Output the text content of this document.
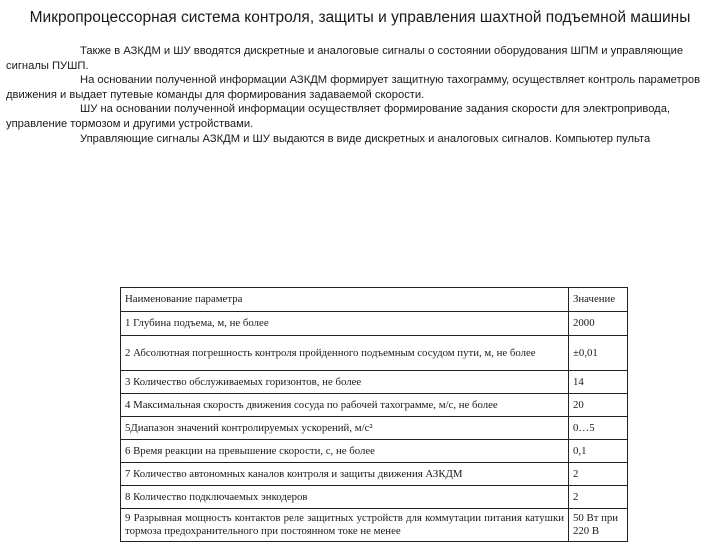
Микропроцессорная система контроля, защиты и управления шахтной подъемной машины

Также в АЗКДМ и ШУ вводятся дискретные и аналоговые сигналы о состоянии оборудования ШПМ и управляющие сигналы ПУШП.

На основании полученной информации АЗКДМ формирует защитную тахограмму, осуществляет контроль параметров движения и выдает путевые команды для формирования задаваемой скорости.

ШУ на основании полученной информации осуществляет формирование задания скорости для электропривода, управление тормозом и другими устройствами.

Управляющие сигналы АЗКДМ и ШУ выдаются в виде дискретных и аналоговых сигналов. Компьютер пульта

Наименование параметра	Значение
1 Глубина подъема, м, не более	2000
2 Абсолютная погрешность контроля пройденного подъемным сосудом пути, м, не более	±0,01
3 Количество обслуживаемых горизонтов, не более	14
4 Максимальная скорость движения сосуда по рабочей тахограмме, м/с, не более	20
5Диапазон значений контролируемых ускорений, м/с²	0…5
6 Время реакции на превышение скорости, с, не более	0,1
7 Количество автономных каналов контроля и защиты движения АЗКДМ	2
8 Количество подключаемых энкодеров	2
9 Разрывная мощность контактов реле защитных устройств для коммутации питания катушки тормоза предохранительного при постоянном токе не менее	50 Вт при 220 В
